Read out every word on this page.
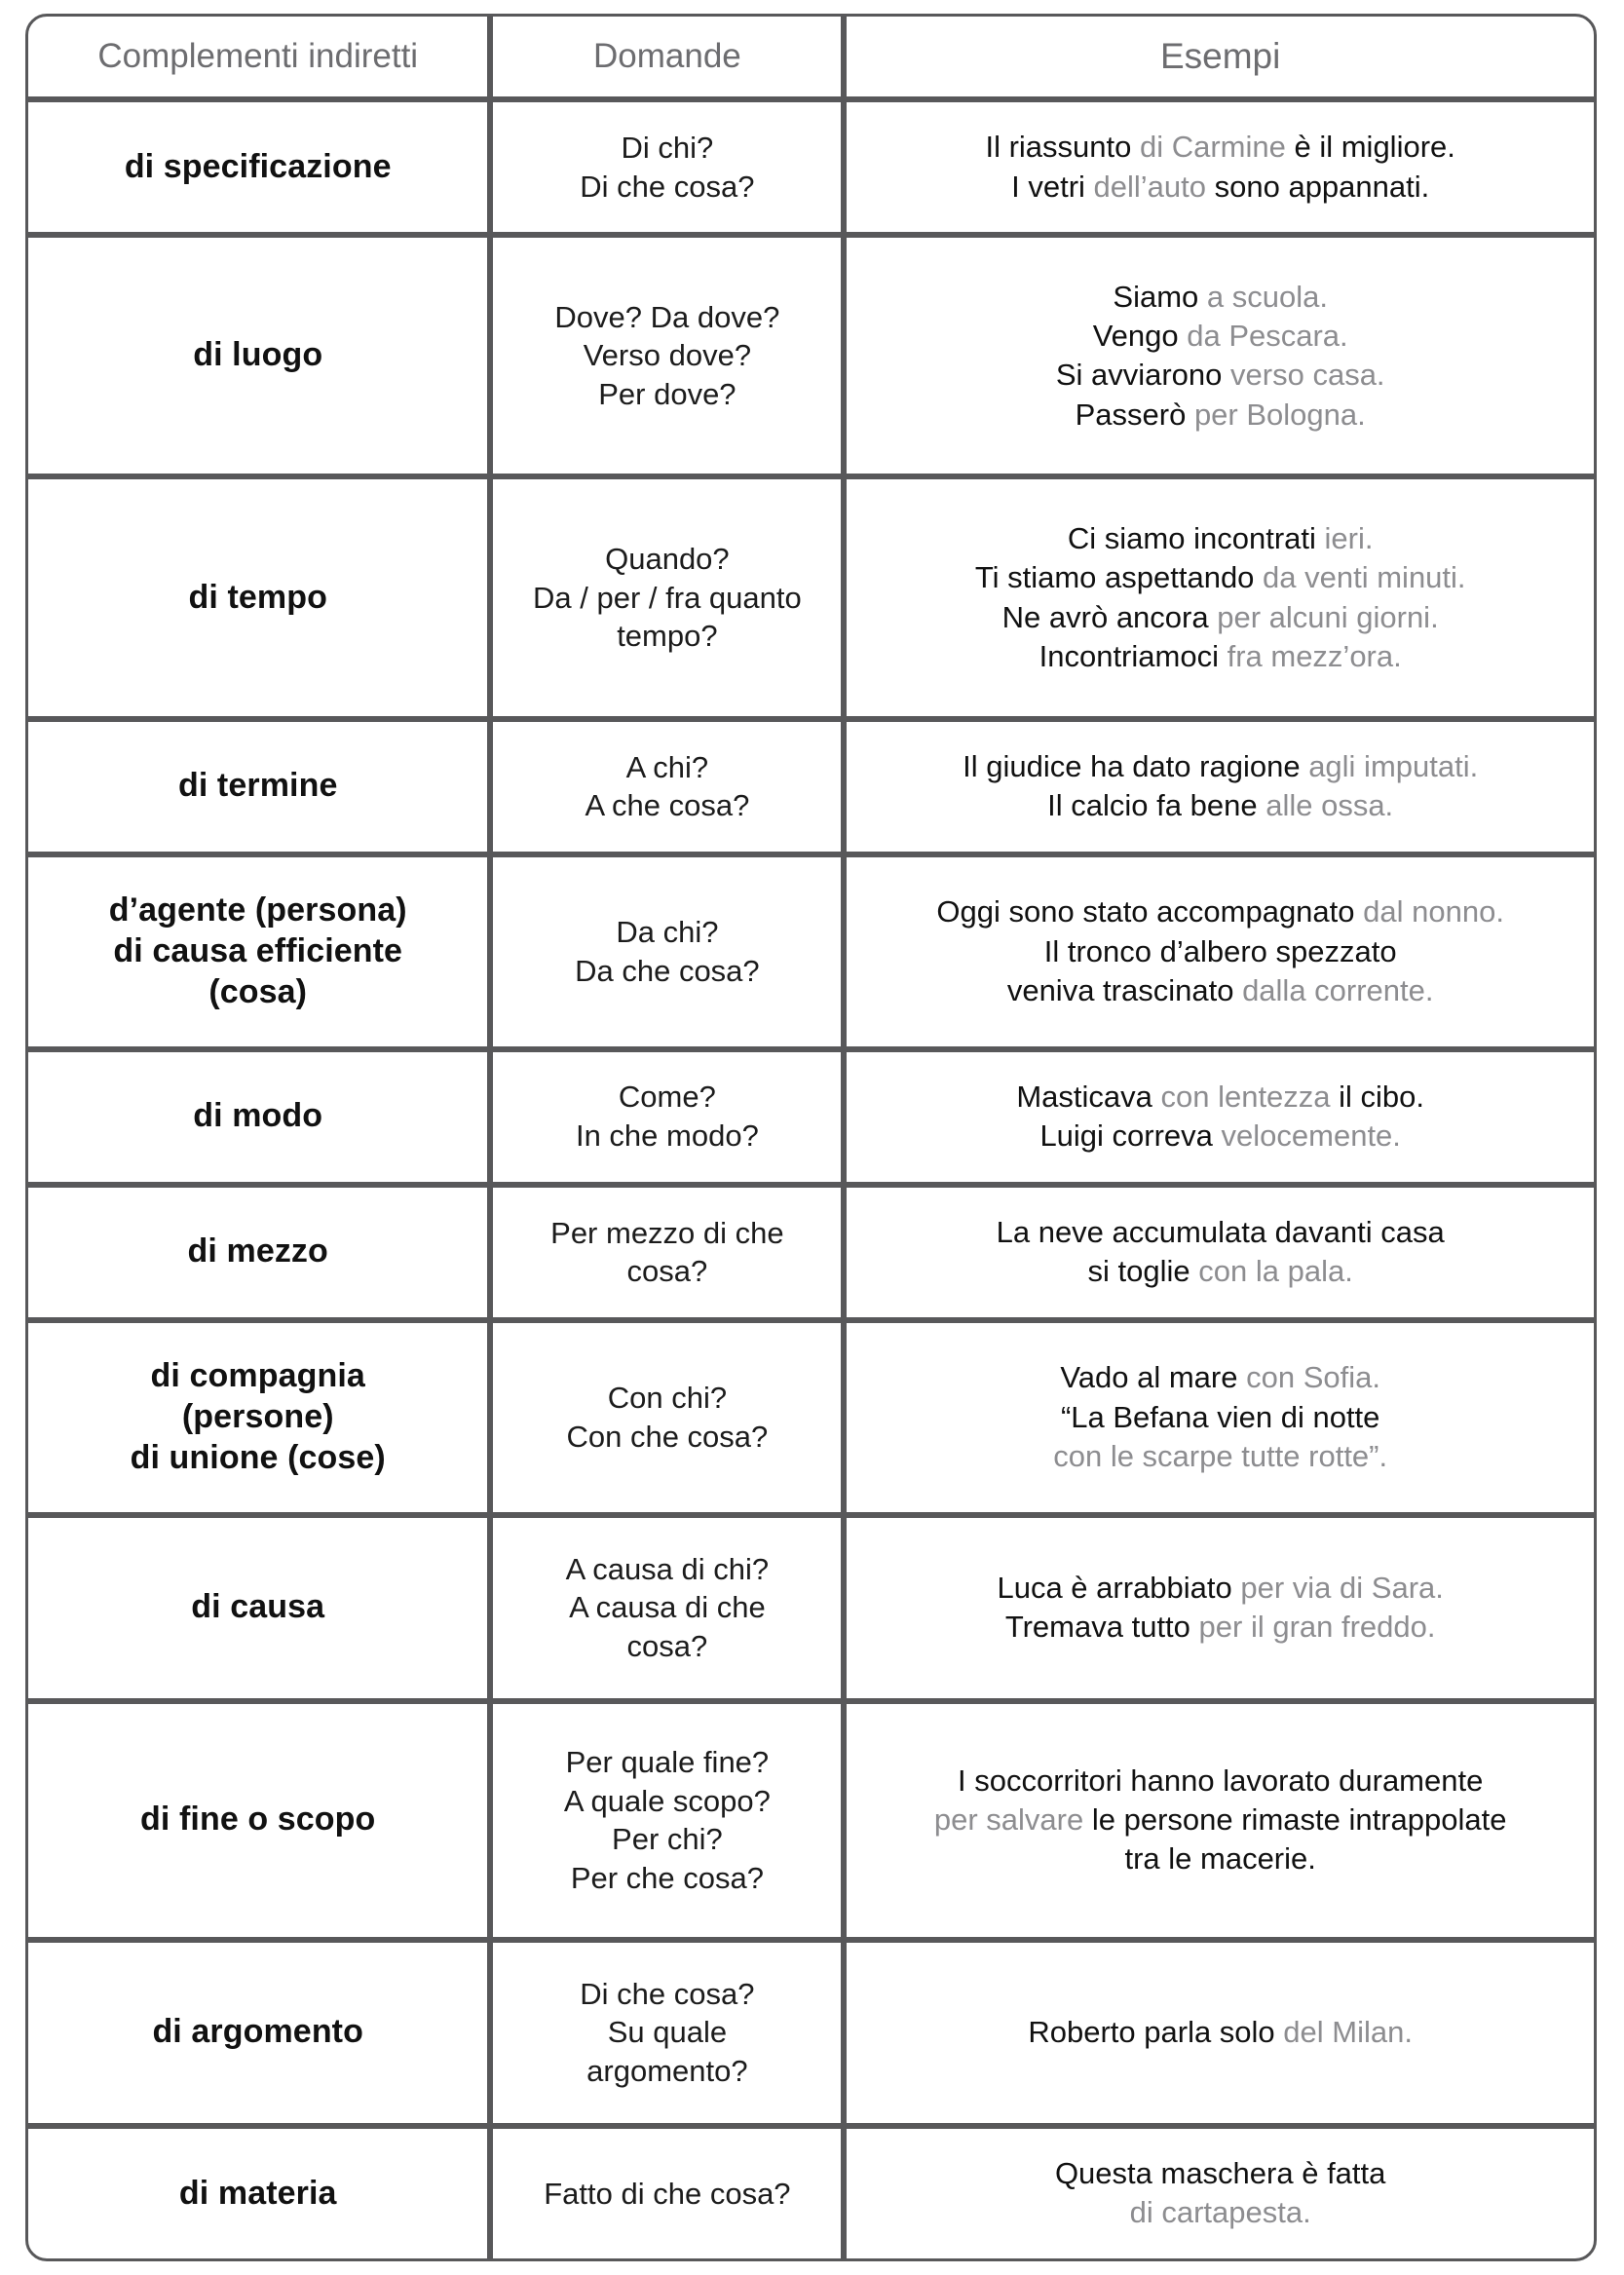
Complementi indiretti	Domande	Esempi

di specificazione	Di chi?
Di che cosa?	Il riassunto di Carmine è il migliore.
I vetri dell’auto sono appannati.

di luogo	Dove? Da dove?
Verso dove?
Per dove?	Siamo a scuola.
Vengo da Pescara.
Si avviarono verso casa.
Passerò per Bologna.

di tempo	Quando?
Da / per / fra quanto
tempo?	Ci siamo incontrati ieri.
Ti stiamo aspettando da venti minuti.
Ne avrò ancora per alcuni giorni.
Incontriamoci fra mezz’ora.

di termine	A chi?
A che cosa?	Il giudice ha dato ragione agli imputati.
Il calcio fa bene alle ossa.

d’agente (persona)
di causa efficiente
(cosa)	Da chi?
Da che cosa?	Oggi sono stato accompagnato dal nonno.
Il tronco d’albero spezzato
veniva trascinato dalla corrente.

di modo	Come?
In che modo?	Masticava con lentezza il cibo.
Luigi correva velocemente.

di mezzo	Per mezzo di che
cosa?	La neve accumulata davanti casa
si toglie con la pala.

di compagnia
(persone)
di unione (cose)	Con chi?
Con che cosa?	Vado al mare con Sofia.
“La Befana vien di notte
con le scarpe tutte rotte”.

di causa	A causa di chi?
A causa di che
cosa?	Luca è arrabbiato per via di Sara.
Tremava tutto per il gran freddo.

di fine o scopo	Per quale fine?
A quale scopo?
Per chi?
Per che cosa?	I soccorritori hanno lavorato duramente
per salvare le persone rimaste intrappolate
tra le macerie.

di argomento	Di che cosa?
Su quale
argomento?	Roberto parla solo del Milan.

di materia	Fatto di che cosa?	Questa maschera è fatta
di cartapesta.
